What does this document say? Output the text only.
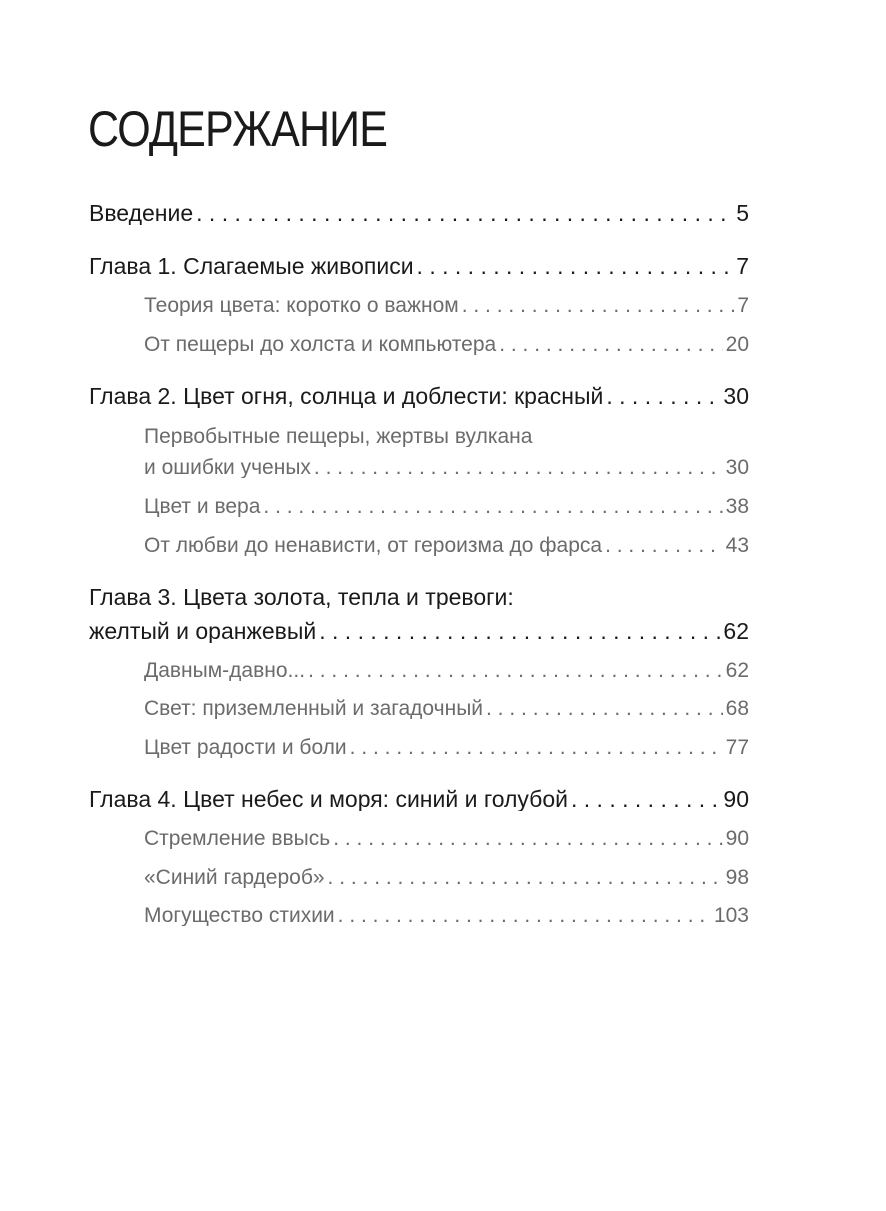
СОДЕРЖАНИЕ
Введение . . .	5
Глава 1. Слагаемые живописи . . .	7
Теория цвета: коротко о важном . . .	7
От пещеры до холста и компьютера . . .	20
Глава 2. Цвет огня, солнца и доблести: красный . . .	30
Первобытные пещеры, жертвы вулкана
и ошибки ученых . . .	30
Цвет и вера . . .	38
От любви до ненависти, от героизма до фарса . . .	43
Глава 3. Цвета золота, тепла и тревоги:
желтый и оранжевый . . .	62
Давным-давно... . . .	62
Свет: приземленный и загадочный . . .	68
Цвет радости и боли . . .	77
Глава 4. Цвет небес и моря: синий и голубой . . .	90
Стремление ввысь . . .	90
«Синий гардероб» . . .	98
Могущество стихии . . .	103
